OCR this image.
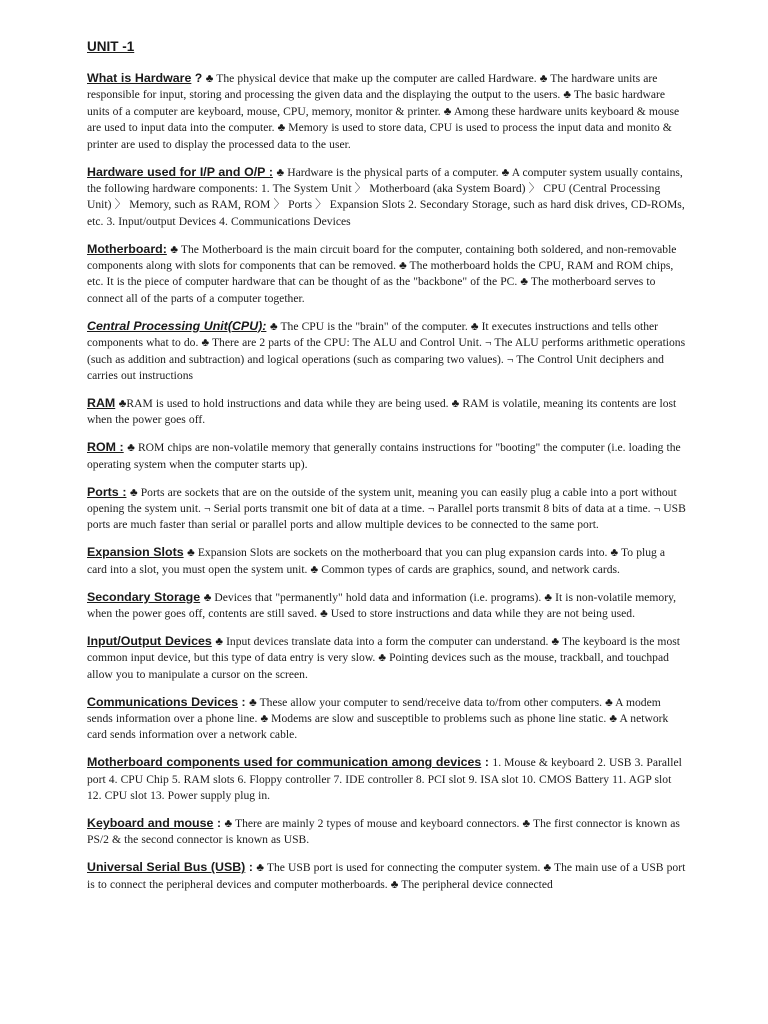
UNIT -1

What is Hardware ? ♣ The physical device that make up the computer are called Hardware. ♣ The hardware units are responsible for input, storing and processing the given data and the displaying the output to the users. ♣ The basic hardware units of a computer are keyboard, mouse, CPU, memory, monitor & printer. ♣ Among these hardware units keyboard & mouse are used to input data into the computer. ♣ Memory is used to store data, CPU is used to process the input data and monito & printer are used to display the processed data to the user.

Hardware used for I/P and O/P : ♣ Hardware is the physical parts of a computer. ♣ A computer system usually contains, the following hardware components: 1. The System Unit 〉 Motherboard (aka System Board) 〉 CPU (Central Processing Unit) 〉 Memory, such as RAM, ROM 〉 Ports 〉 Expansion Slots 2. Secondary Storage, such as hard disk drives, CD-ROMs, etc. 3. Input/output Devices 4. Communications Devices

Motherboard: ♣ The Motherboard is the main circuit board for the computer, containing both soldered, and non-removable components along with slots for components that can be removed. ♣ The motherboard holds the CPU, RAM and ROM chips, etc. It is the piece of computer hardware that can be thought of as the "backbone" of the PC. ♣ The motherboard serves to connect all of the parts of a computer together.

Central Processing Unit(CPU): ♣ The CPU is the "brain" of the computer. ♣ It executes instructions and tells other components what to do. ♣ There are 2 parts of the CPU: The ALU and Control Unit. ¬ The ALU performs arithmetic operations (such as addition and subtraction) and logical operations (such as comparing two values). ¬ The Control Unit deciphers and carries out instructions

RAM ♣RAM is used to hold instructions and data while they are being used. ♣ RAM is volatile, meaning its contents are lost when the power goes off.

ROM : ♣ ROM chips are non-volatile memory that generally contains instructions for "booting" the computer (i.e. loading the operating system when the computer starts up).

Ports : ♣ Ports are sockets that are on the outside of the system unit, meaning you can easily plug a cable into a port without opening the system unit. ¬ Serial ports transmit one bit of data at a time. ¬ Parallel ports transmit 8 bits of data at a time. ¬ USB ports are much faster than serial or parallel ports and allow multiple devices to be connected to the same port.

Expansion Slots ♣ Expansion Slots are sockets on the motherboard that you can plug expansion cards into. ♣ To plug a card into a slot, you must open the system unit. ♣ Common types of cards are graphics, sound, and network cards.

Secondary Storage ♣ Devices that "permanently" hold data and information (i.e. programs). ♣ It is non-volatile memory, when the power goes off, contents are still saved. ♣ Used to store instructions and data while they are not being used.

Input/Output Devices ♣ Input devices translate data into a form the computer can understand. ♣ The keyboard is the most common input device, but this type of data entry is very slow. ♣ Pointing devices such as the mouse, trackball, and touchpad allow you to manipulate a cursor on the screen.

Communications Devices : ♣ These allow your computer to send/receive data to/from other computers. ♣ A modem sends information over a phone line. ♣ Modems are slow and susceptible to problems such as phone line static. ♣ A network card sends information over a network cable.

Motherboard components used for communication among devices : 1. Mouse & keyboard 2. USB 3. Parallel port 4. CPU Chip 5. RAM slots 6. Floppy controller 7. IDE controller 8. PCI slot 9. ISA slot 10. CMOS Battery 11. AGP slot 12. CPU slot 13. Power supply plug in.

Keyboard and mouse : ♣ There are mainly 2 types of mouse and keyboard connectors. ♣ The first connector is known as PS/2 & the second connector is known as USB.

Universal Serial Bus (USB) : ♣ The USB port is used for connecting the computer system. ♣ The main use of a USB port is to connect the peripheral devices and computer motherboards. ♣ The peripheral device connected
